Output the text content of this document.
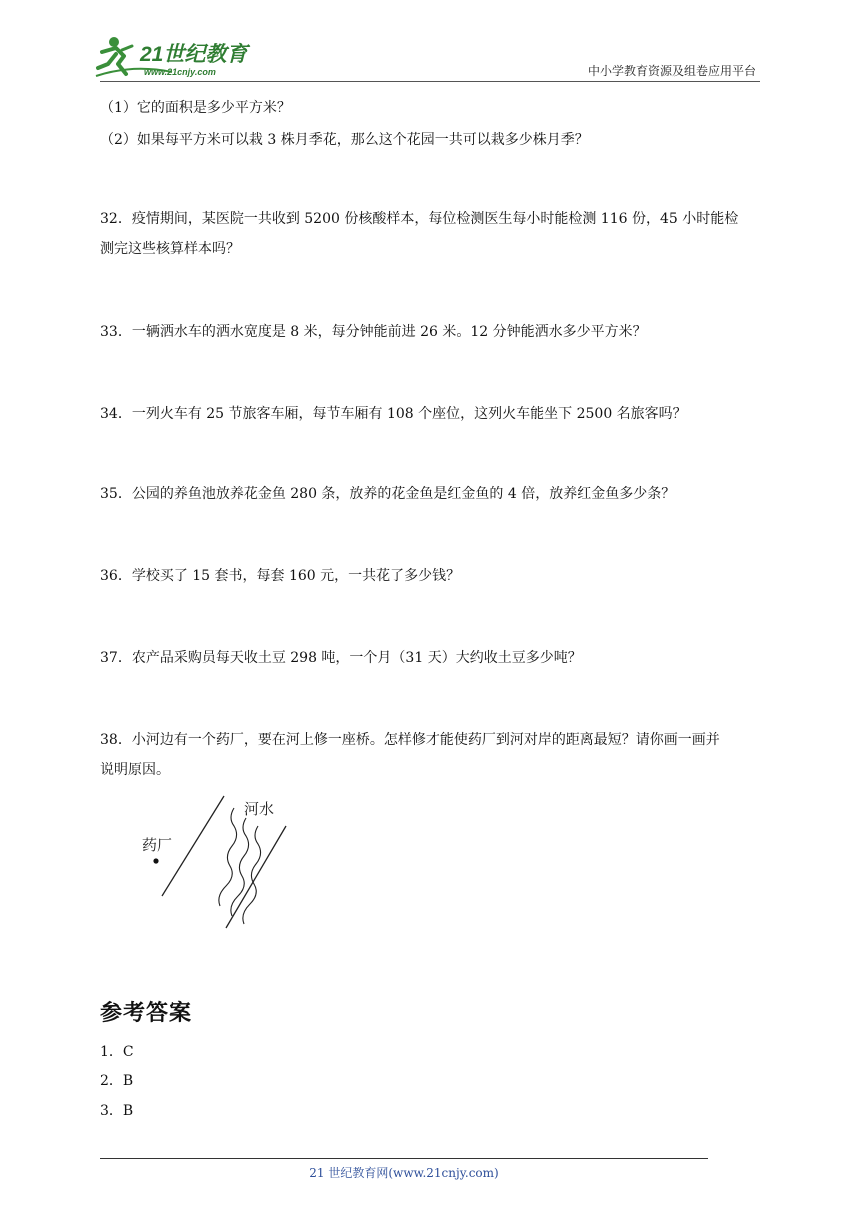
21世纪教育
www.21cnjy.com	中小学教育资源及组卷应用平台
（1）它的面积是多少平方米？
（2）如果每平方米可以栽 3 株月季花，那么这个花园一共可以栽多少株月季？
32．疫情期间，某医院一共收到 5200 份核酸样本，每位检测医生每小时能检测 116 份，45 小时能检
测完这些核算样本吗？
33．一辆洒水车的洒水宽度是 8 米，每分钟能前进 26 米。12 分钟能洒水多少平方米？
34．一列火车有 25 节旅客车厢，每节车厢有 108 个座位，这列火车能坐下 2500 名旅客吗？
35．公园的养鱼池放养花金鱼 280 条，放养的花金鱼是红金鱼的 4 倍，放养红金鱼多少条？
36．学校买了 15 套书，每套 160 元，一共花了多少钱？
37．农产品采购员每天收土豆 298 吨，一个月（31 天）大约收土豆多少吨？
38．小河边有一个药厂，要在河上修一座桥。怎样修才能使药厂到河对岸的距离最短？请你画一画并
说明原因。
药厂
河水
参考答案
1．C
2．B
3．B
21 世纪教育网(www.21cnjy.com)
